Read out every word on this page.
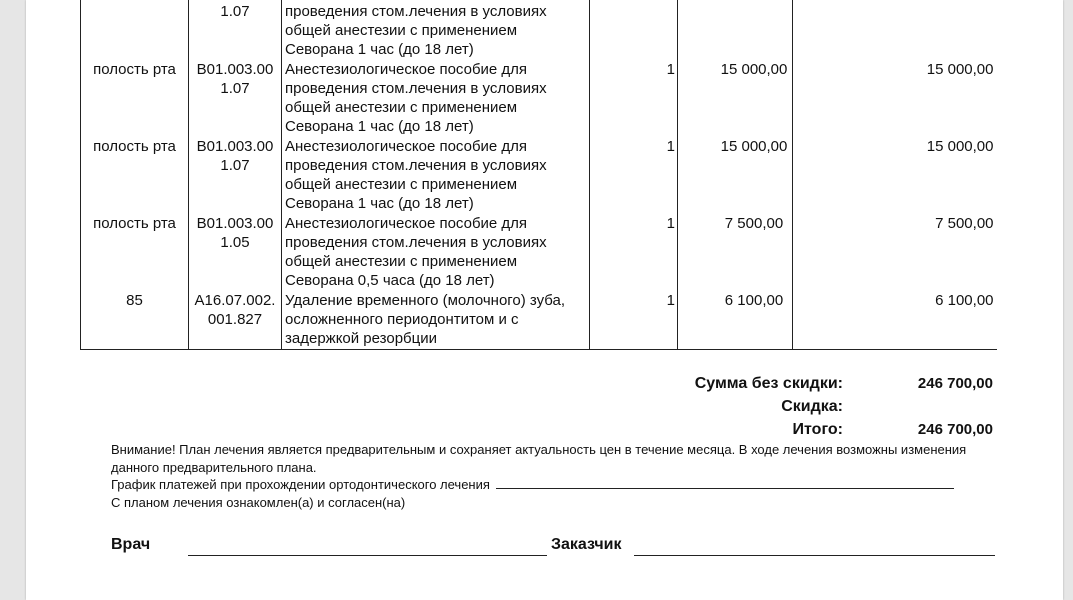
	1.07	проведения стом.лечения в условиях общей анестезии с применением Севорана 1 час (до 18 лет)			
полость рта	B01.003.00 1.07	Анестезиологическое пособие для проведения стом.лечения в условиях общей анестезии с применением Севорана 1 час (до 18 лет)	1	15 000,00	15 000,00
полость рта	B01.003.00 1.07	Анестезиологическое пособие для проведения стом.лечения в условиях общей анестезии с применением Севорана 1 час (до 18 лет)	1	15 000,00	15 000,00
полость рта	B01.003.00 1.05	Анестезиологическое пособие для проведения стом.лечения в условиях общей анестезии с применением Севорана 0,5 часа (до 18 лет)	1	7 500,00	7 500,00
85	A16.07.002. 001.827	Удаление временного (молочного) зуба, осложненного периодонтитом и с задержкой резорбции	1	6 100,00	6 100,00
Сумма без скидки:	246 700,00
Скидка:
Итого:	246 700,00
Внимание! План лечения является предварительным и сохраняет актуальность цен в течение месяца. В ходе лечения возможны изменения данного предварительного плана.
График платежей при прохождении ортодонтического лечения
С планом лечения ознакомлен(а) и согласен(на)
Врач	Заказчик
